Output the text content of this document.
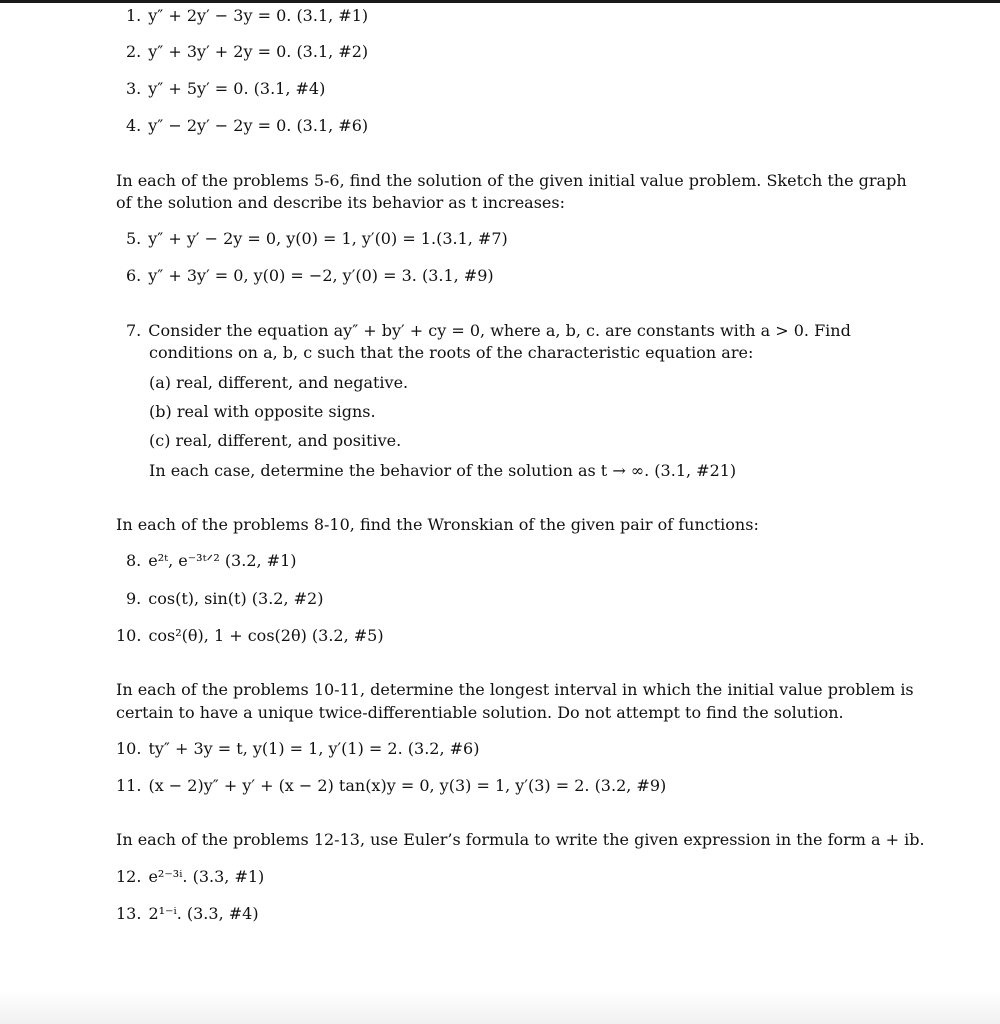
1. y″ + 2y′ − 3y = 0. (3.1, #1)
2. y″ + 3y′ + 2y = 0. (3.1, #2)
3. y″ + 5y′ = 0. (3.1, #4)
4. y″ − 2y′ − 2y = 0. (3.1, #6)
In each of the problems 5-6, find the solution of the given initial value problem. Sketch the graph
of the solution and describe its behavior as t increases:
5. y″ + y′ − 2y = 0, y(0) = 1, y′(0) = 1.(3.1, #7)
6. y″ + 3y′ = 0, y(0) = −2, y′(0) = 3. (3.1, #9)
7. Consider the equation ay″ + by′ + cy = 0, where a, b, c. are constants with a > 0. Find
conditions on a, b, c such that the roots of the characteristic equation are:
(a) real, different, and negative.
(b) real with opposite signs.
(c) real, different, and positive.
In each case, determine the behavior of the solution as t → ∞. (3.1, #21)
In each of the problems 8-10, find the Wronskian of the given pair of functions:
8. e²ᵗ, e⁻³ᵗᐟ² (3.2, #1)
9. cos(t), sin(t) (3.2, #2)
10. cos²(θ), 1 + cos(2θ) (3.2, #5)
In each of the problems 10-11, determine the longest interval in which the initial value problem is
certain to have a unique twice-differentiable solution. Do not attempt to find the solution.
10. ty″ + 3y = t, y(1) = 1, y′(1) = 2. (3.2, #6)
11. (x − 2)y″ + y′ + (x − 2) tan(x)y = 0, y(3) = 1, y′(3) = 2. (3.2, #9)
In each of the problems 12-13, use Euler’s formula to write the given expression in the form a + ib.
12. e²⁻³ⁱ. (3.3, #1)
13. 2¹⁻ⁱ. (3.3, #4)
